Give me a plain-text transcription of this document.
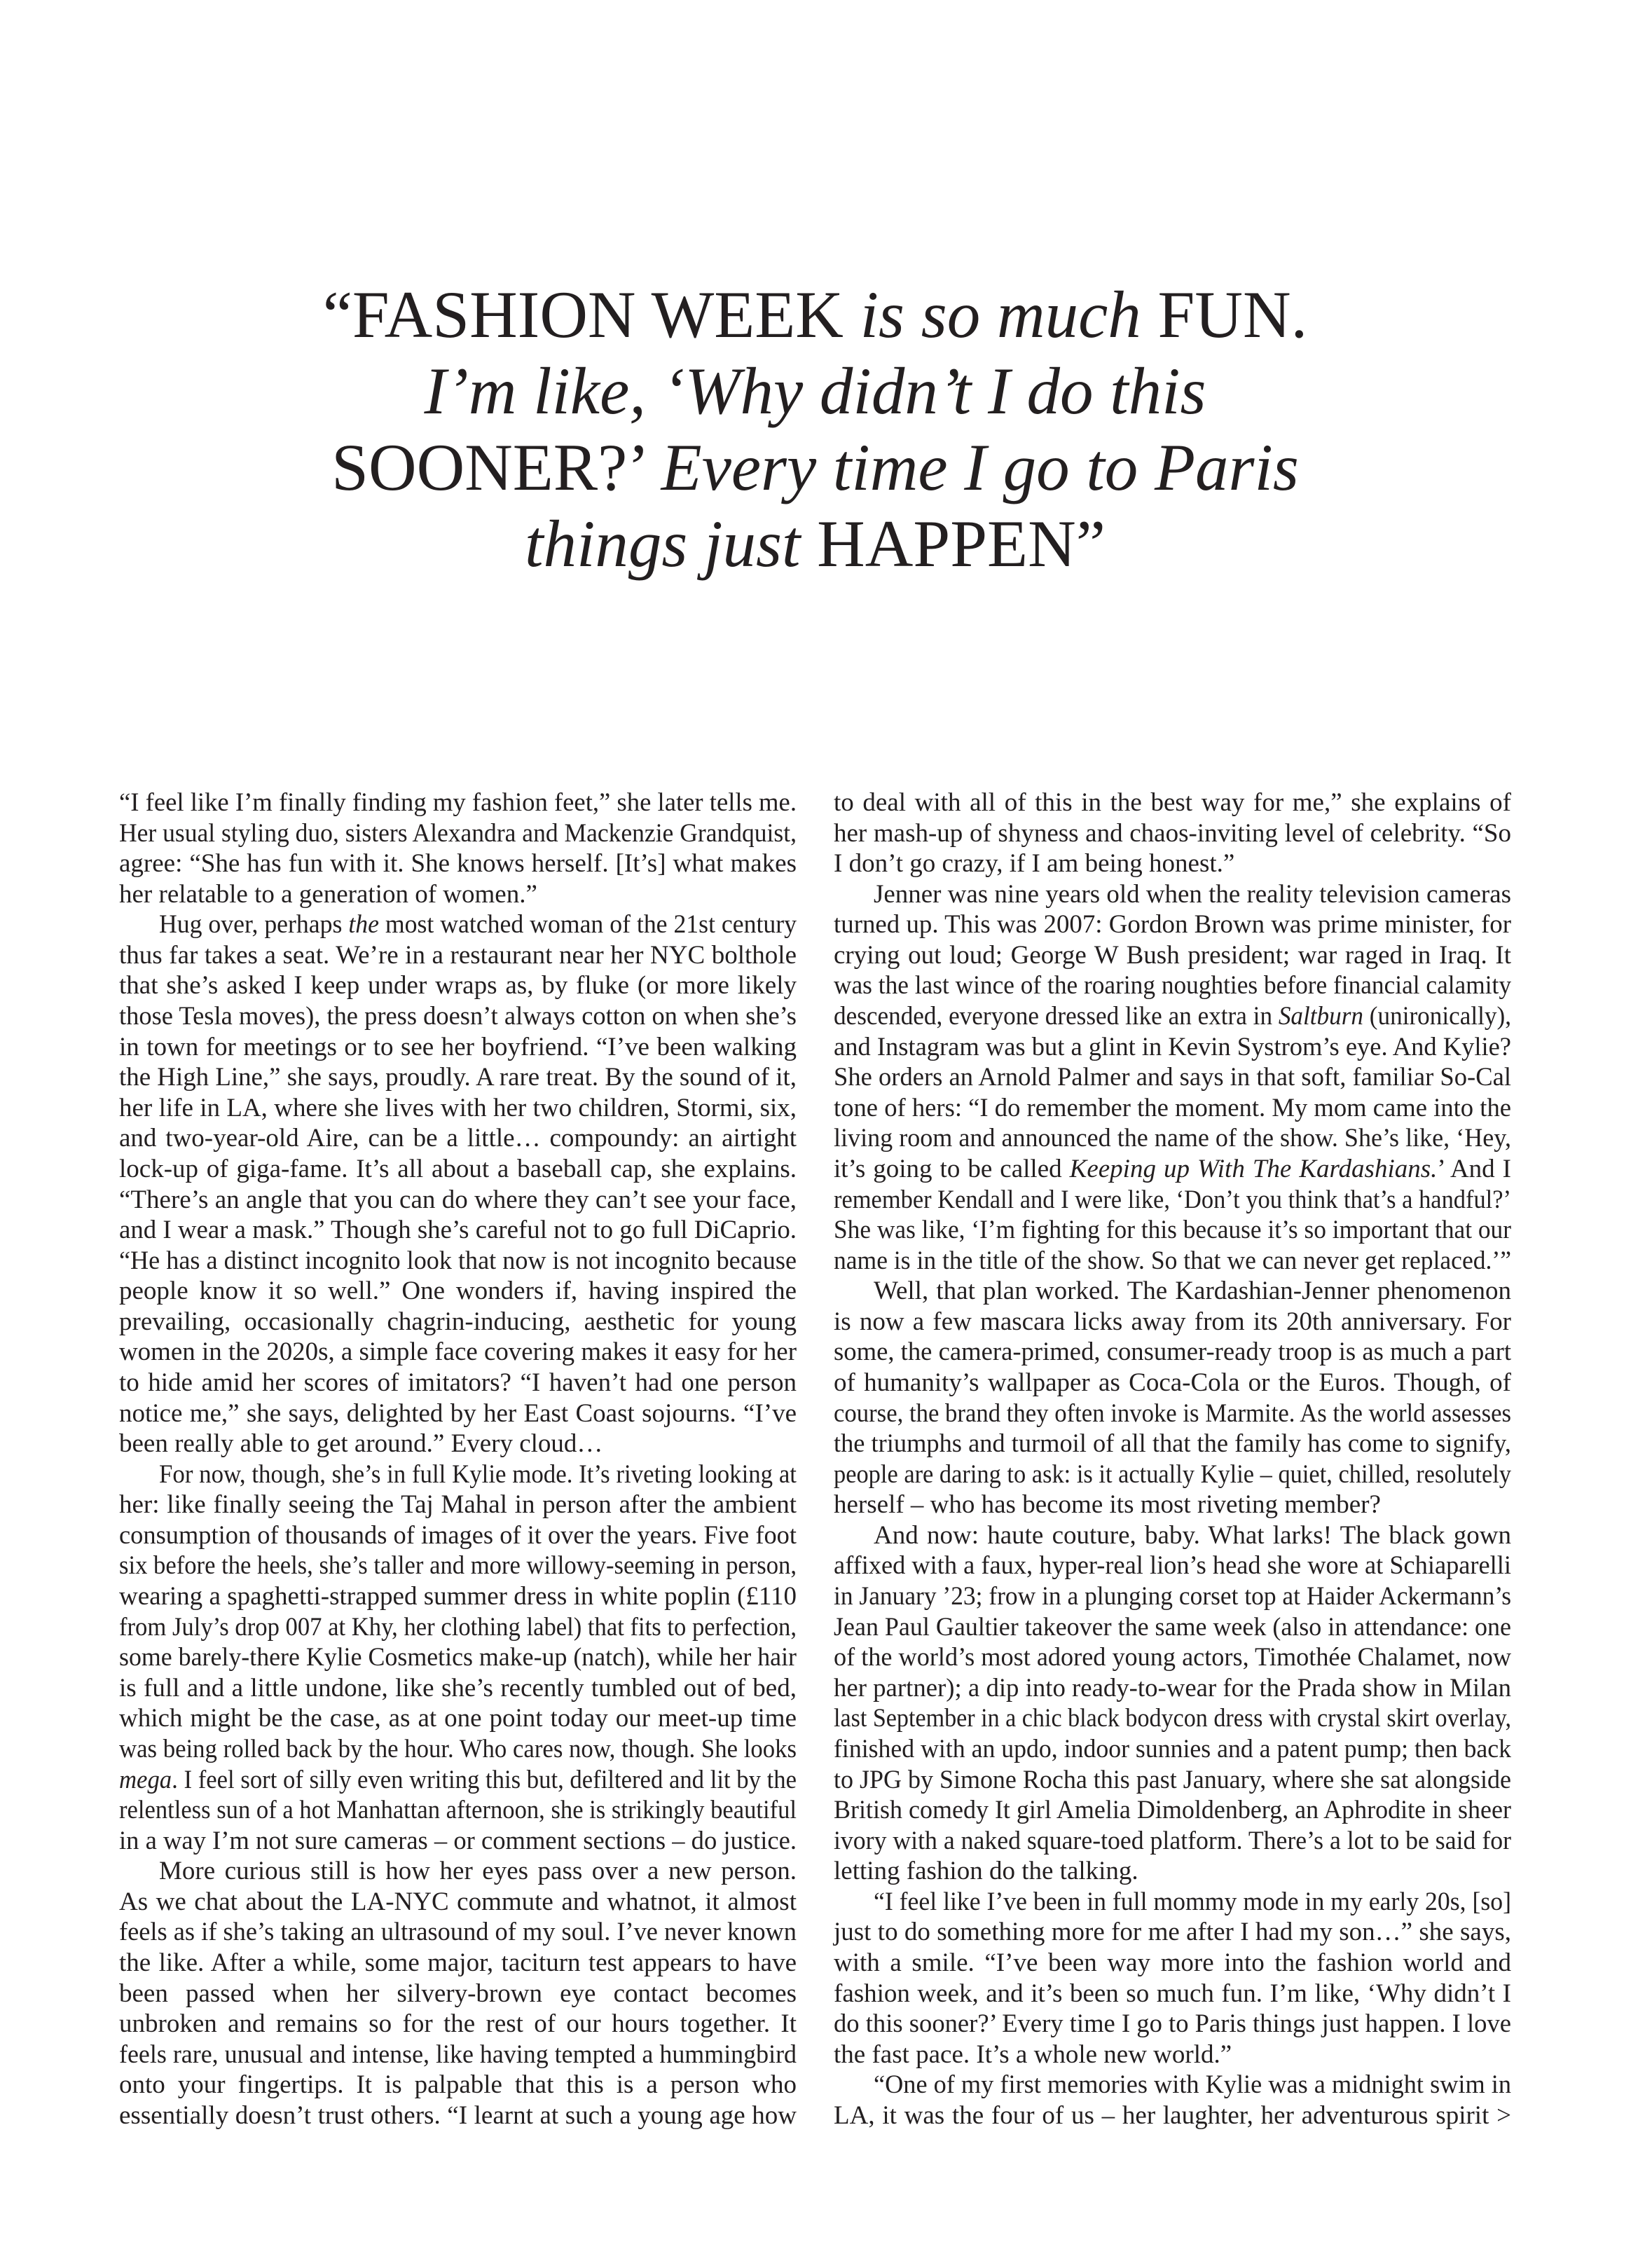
“FASHION WEEK is so much FUN.
I’m like, ‘Why didn’t I do this
SOONER?’ Every time I go to Paris
things just HAPPEN”
“I feel like I’m finally finding my fashion feet,” she later tells me.
Her usual styling duo, sisters Alexandra and Mackenzie Grandquist,
agree: “She has fun with it. She knows herself. [It’s] what makes
her relatable to a generation of women.”
Hug over, perhaps the most watched woman of the 21st century
thus far takes a seat. We’re in a restaurant near her NYC bolthole
that she’s asked I keep under wraps as, by fluke (or more likely
those Tesla moves), the press doesn’t always cotton on when she’s
in town for meetings or to see her boyfriend. “I’ve been walking
the High Line,” she says, proudly. A rare treat. By the sound of it,
her life in LA, where she lives with her two children, Stormi, six,
and two-year-old Aire, can be a little… compoundy: an airtight
lock-up of giga-fame. It’s all about a baseball cap, she explains.
“There’s an angle that you can do where they can’t see your face,
and I wear a mask.” Though she’s careful not to go full DiCaprio.
“He has a distinct incognito look that now is not incognito because
people know it so well.” One wonders if, having inspired the
prevailing, occasionally chagrin-inducing, aesthetic for young
women in the 2020s, a simple face covering makes it easy for her
to hide amid her scores of imitators? “I haven’t had one person
notice me,” she says, delighted by her East Coast sojourns. “I’ve
been really able to get around.” Every cloud…
For now, though, she’s in full Kylie mode. It’s riveting looking at
her: like finally seeing the Taj Mahal in person after the ambient
consumption of thousands of images of it over the years. Five foot
six before the heels, she’s taller and more willowy-seeming in person,
wearing a spaghetti-strapped summer dress in white poplin (£110
from July’s drop 007 at Khy, her clothing label) that fits to perfection,
some barely-there Kylie Cosmetics make-up (natch), while her hair
is full and a little undone, like she’s recently tumbled out of bed,
which might be the case, as at one point today our meet-up time
was being rolled back by the hour. Who cares now, though. She looks
mega. I feel sort of silly even writing this but, defiltered and lit by the
relentless sun of a hot Manhattan afternoon, she is strikingly beautiful
in a way I’m not sure cameras – or comment sections – do justice.
More curious still is how her eyes pass over a new person.
As we chat about the LA-NYC commute and whatnot, it almost
feels as if she’s taking an ultrasound of my soul. I’ve never known
the like. After a while, some major, taciturn test appears to have
been passed when her silvery-brown eye contact becomes
unbroken and remains so for the rest of our hours together. It
feels rare, unusual and intense, like having tempted a hummingbird
onto your fingertips. It is palpable that this is a person who
essentially doesn’t trust others. “I learnt at such a young age how
to deal with all of this in the best way for me,” she explains of
her mash-up of shyness and chaos-inviting level of celebrity. “So
I don’t go crazy, if I am being honest.”
Jenner was nine years old when the reality television cameras
turned up. This was 2007: Gordon Brown was prime minister, for
crying out loud; George W Bush president; war raged in Iraq. It
was the last wince of the roaring noughties before financial calamity
descended, everyone dressed like an extra in Saltburn (unironically),
and Instagram was but a glint in Kevin Systrom’s eye. And Kylie?
She orders an Arnold Palmer and says in that soft, familiar So-Cal
tone of hers: “I do remember the moment. My mom came into the
living room and announced the name of the show. She’s like, ‘Hey,
it’s going to be called Keeping up With The Kardashians.’ And I
remember Kendall and I were like, ‘Don’t you think that’s a handful?’
She was like, ‘I’m fighting for this because it’s so important that our
name is in the title of the show. So that we can never get replaced.’”
Well, that plan worked. The Kardashian-Jenner phenomenon
is now a few mascara licks away from its 20th anniversary. For
some, the camera-primed, consumer-ready troop is as much a part
of humanity’s wallpaper as Coca-Cola or the Euros. Though, of
course, the brand they often invoke is Marmite. As the world assesses
the triumphs and turmoil of all that the family has come to signify,
people are daring to ask: is it actually Kylie – quiet, chilled, resolutely
herself – who has become its most riveting member?
And now: haute couture, baby. What larks! The black gown
affixed with a faux, hyper-real lion’s head she wore at Schiaparelli
in January ’23; frow in a plunging corset top at Haider Ackermann’s
Jean Paul Gaultier takeover the same week (also in attendance: one
of the world’s most adored young actors, Timothée Chalamet, now
her partner); a dip into ready-to-wear for the Prada show in Milan
last September in a chic black bodycon dress with crystal skirt overlay,
finished with an updo, indoor sunnies and a patent pump; then back
to JPG by Simone Rocha this past January, where she sat alongside
British comedy It girl Amelia Dimoldenberg, an Aphrodite in sheer
ivory with a naked square-toed platform. There’s a lot to be said for
letting fashion do the talking.
“I feel like I’ve been in full mommy mode in my early 20s, [so]
just to do something more for me after I had my son…” she says,
with a smile. “I’ve been way more into the fashion world and
fashion week, and it’s been so much fun. I’m like, ‘Why didn’t I
do this sooner?’ Every time I go to Paris things just happen. I love
the fast pace. It’s a whole new world.”
“One of my first memories with Kylie was a midnight swim in
LA, it was the four of us – her laughter, her adventurous spirit >
